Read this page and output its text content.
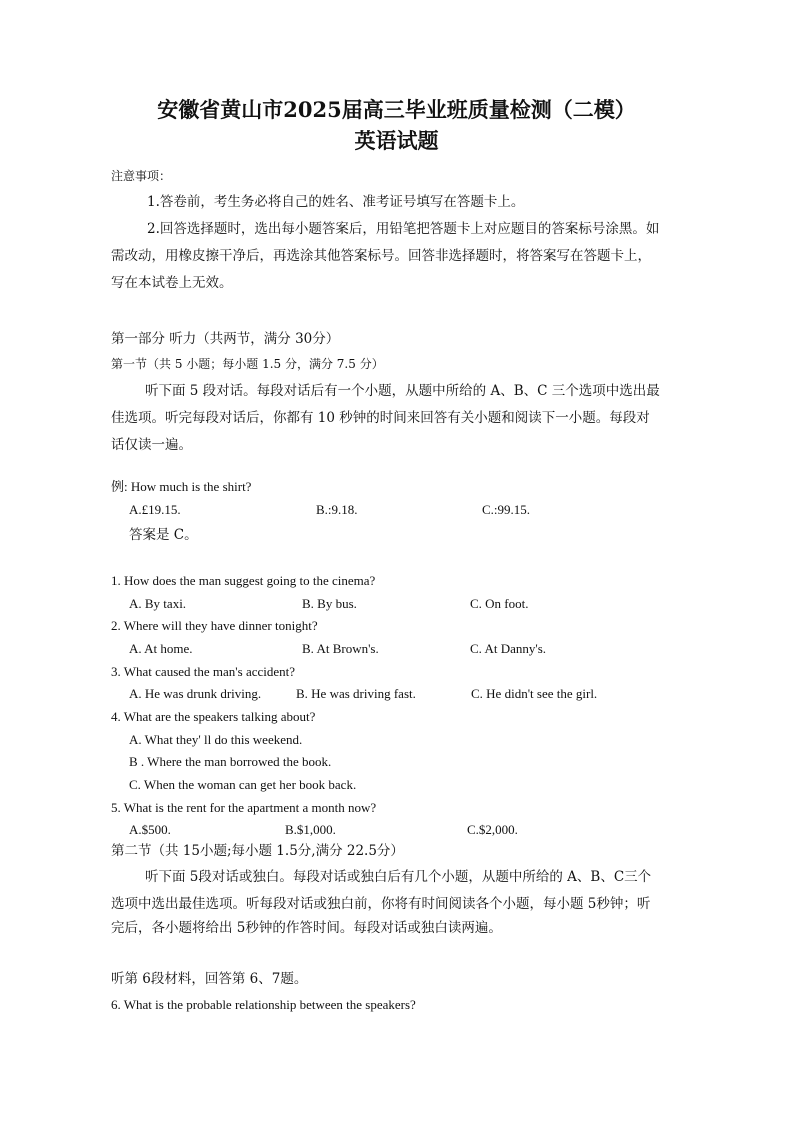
安徽省黄山市2025届高三毕业班质量检测（二模）
英语试题
注意事项：
1.答卷前，考生务必将自己的姓名、准考证号填写在答题卡上。
2.回答选择题时，选出每小题答案后，用铅笔把答题卡上对应题目的答案标号涂黑。如
需改动，用橡皮擦干净后，再选涂其他答案标号。回答非选择题时，将答案写在答题卡上，
写在本试卷上无效。
第一部分 听力（共两节，满分 30分）
第一节（共 5 小题；每小题 1.5 分，满分 7.5 分）
听下面 5 段对话。每段对话后有一个小题，从题中所给的 A、B、C 三个选项中选出最
佳选项。听完每段对话后，你都有 10 秒钟的时间来回答有关小题和阅读下一小题。每段对
话仅读一遍。
例: How much is the shirt?
A.£19.15.	B.:9.18.	C.:99.15.
答案是 C。
1. How does the man suggest going to the cinema?
A. By taxi.	B. By bus.	C. On foot.
2. Where will they have dinner tonight?
A. At home.	B. At Brown's.	C. At Danny's.
3. What caused the man's accident?
A. He was drunk driving.	B. He was driving fast.	C. He didn't see the girl.
4. What are the speakers talking about?
A. What they' ll do this weekend.
B . Where the man borrowed the book.
C. When the woman can get her book back.
5. What is the rent for the apartment a month now?
A.$500.	B.$1,000.	C.$2,000.
第二节（共 15小题;每小题 1.5分,满分 22.5分）
听下面 5段对话或独白。每段对话或独白后有几个小题，从题中所给的 A、B、C三个
选项中选出最佳选项。听每段对话或独白前，你将有时间阅读各个小题，每小题 5秒钟；听
完后，各小题将给出 5秒钟的作答时间。每段对话或独白读两遍。
听第 6段材料，回答第 6、7题。
6. What is the probable relationship between the speakers?
